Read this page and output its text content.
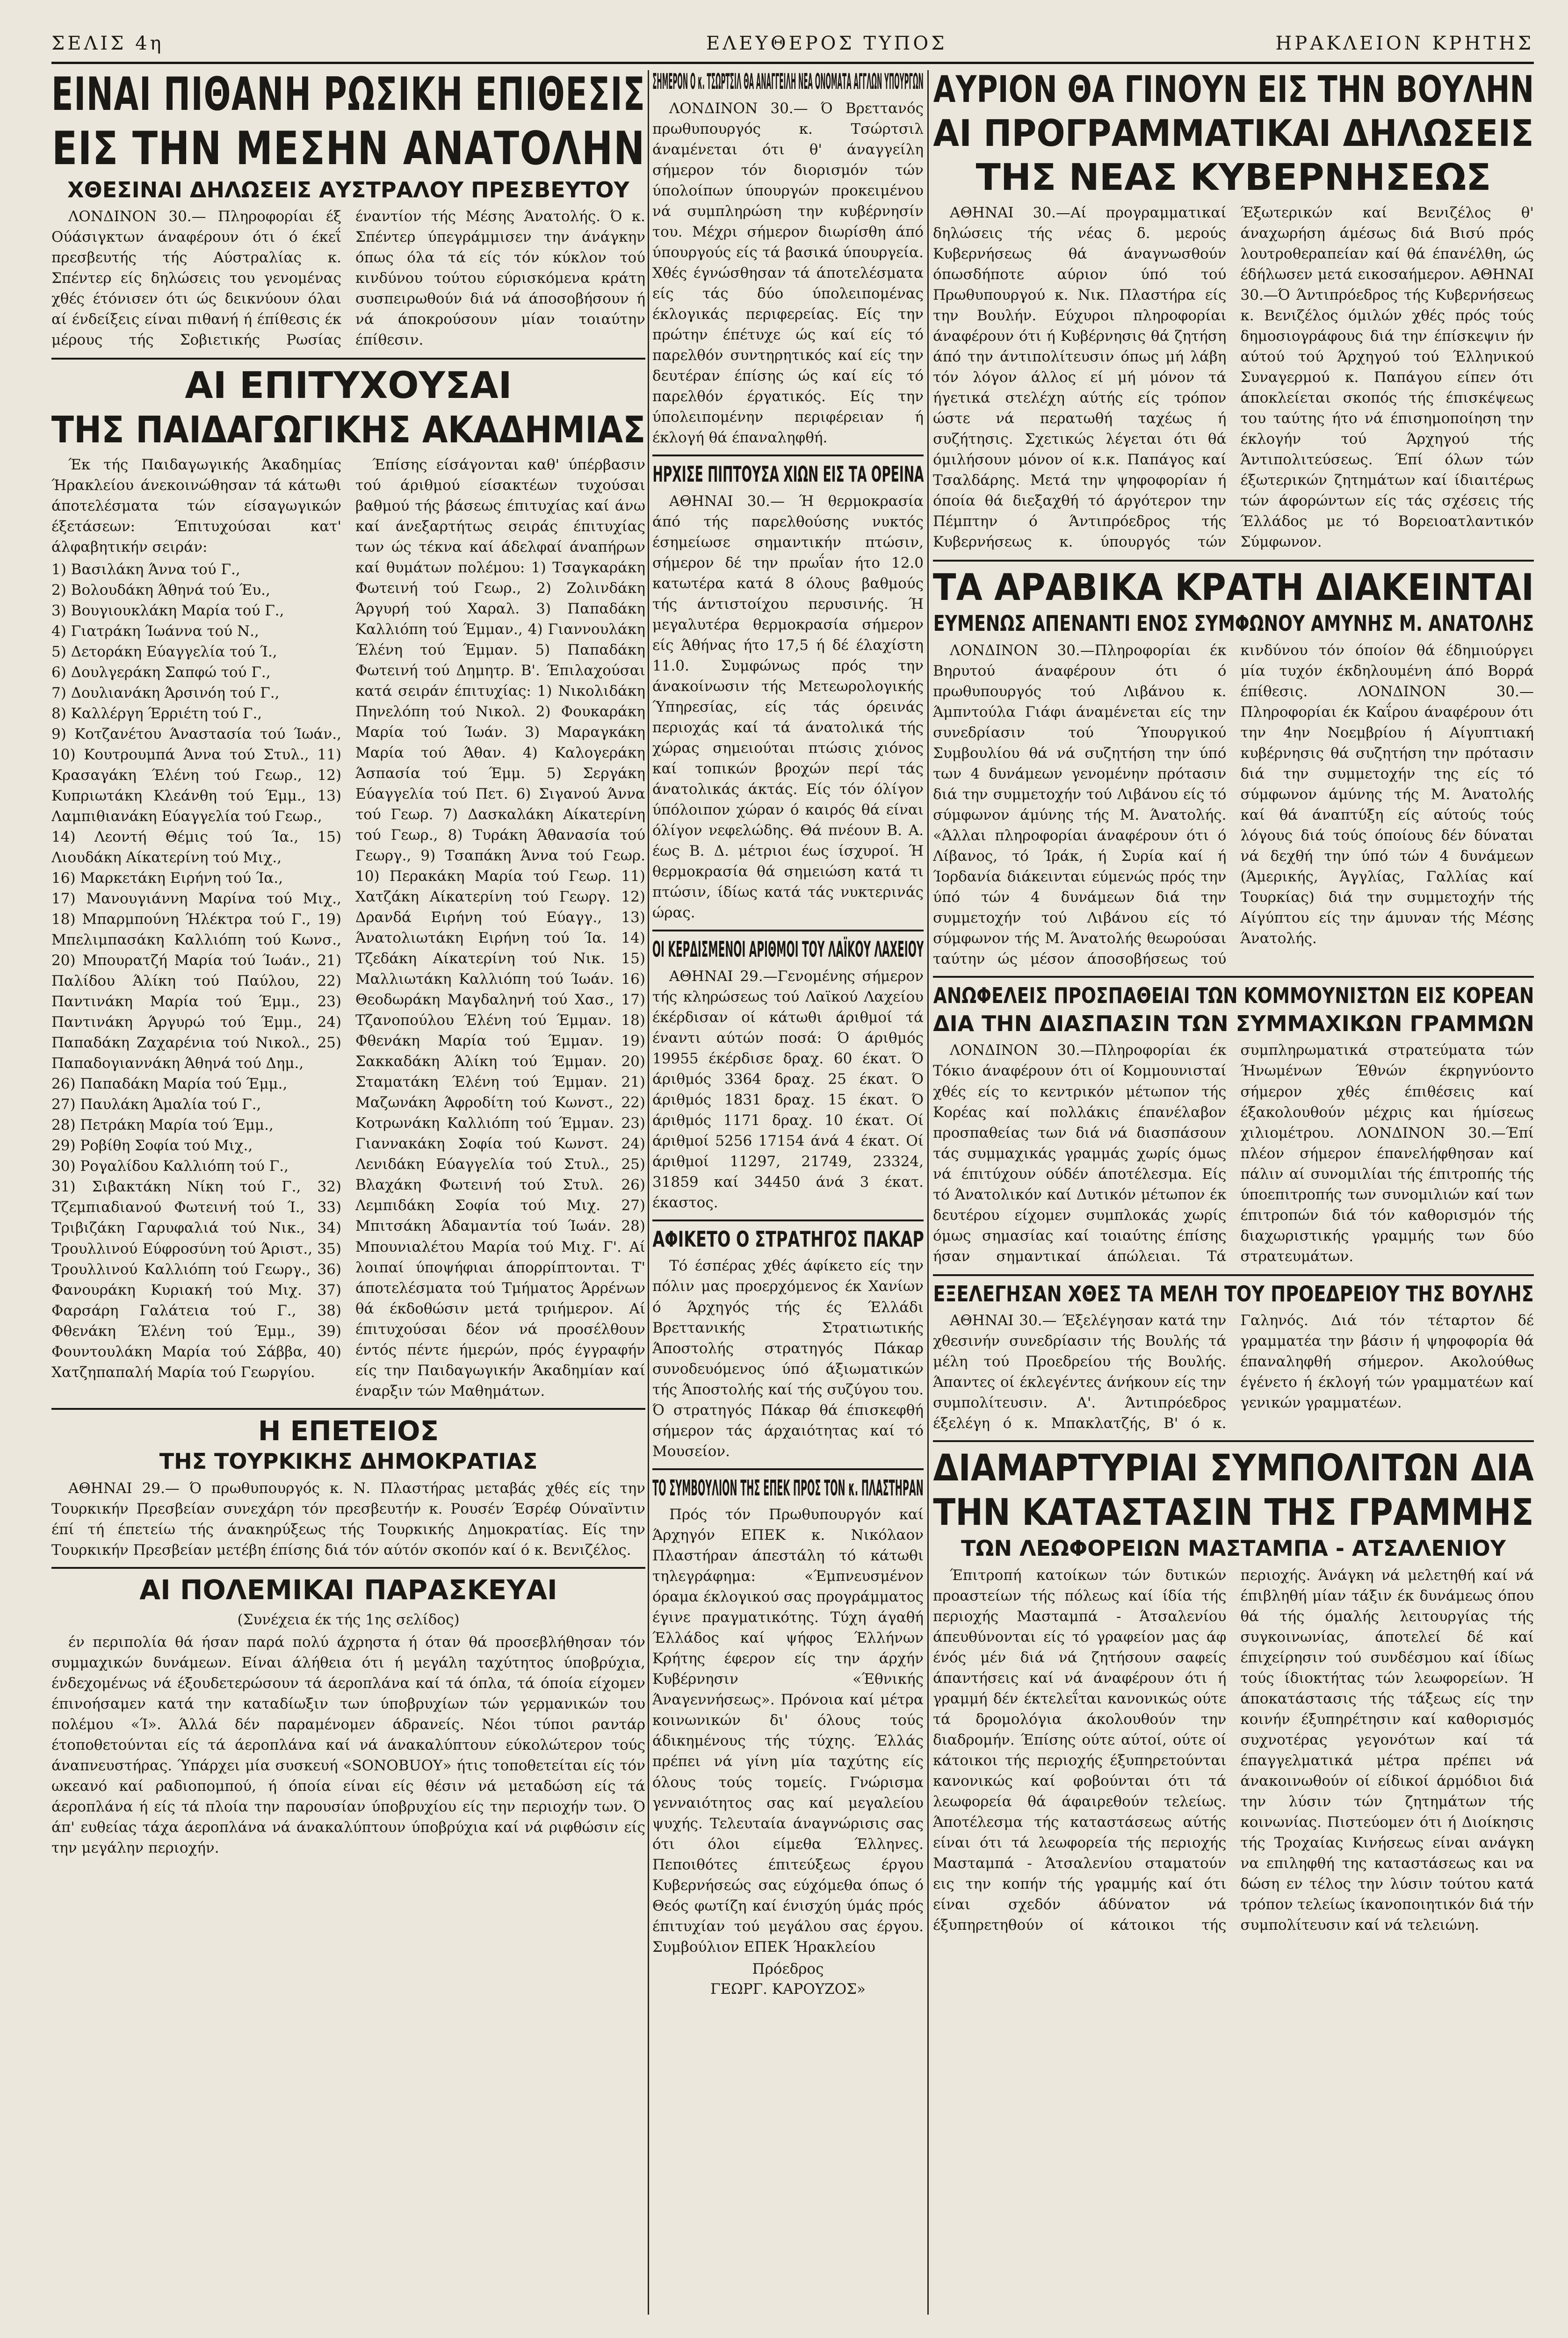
ΣΕΛΙΣ 4η	ΕΛΕΥΘΕΡΟΣ ΤΥΠΟΣ	ΗΡΑΚΛΕΙΟΝ ΚΡΗΤΗΣ
ΕΙΝΑΙ ΠΙΘΑΝΗ ΡΩΣΙΚΗ ΕΠΙΘΕΣΙΣ
ΕΙΣ ΤΗΝ ΜΕΣΗΝ ΑΝΑΤΟΛΗΝ
ΧΘΕΣΙΝΑΙ ΔΗΛΩΣΕΙΣ ΑΥΣΤΡΑΛΟΥ ΠΡΕΣΒΕΥΤΟΥ

ΛΟΝΔΙΝΟΝ 30.— Πληροφορίαι έξ Ούάσιγκτων άναφέρουν ότι ό έκεΐ πρεσβευτής τής Αύστραλίας κ. Σπέντερ είς δηλώσεις του γενομένας χθές έτόνισεν ότι ώς δεικνύουν όλαι αί ένδείξεις είναι πιθανή ή έπίθεσις έκ μέρους τής Σοβιετικής Ρωσίας έναντίον τής Μέσης Άνατολής. Ό κ. Σπέντερ ύπεγράμμισεν την άνάγκην όπως όλα τά είς τόν κύκλον τού κινδύνου τούτου εύρισκόμενα κράτη συσπειρωθούν διά νά άποσοβήσουν ή νά άποκρούσουν μίαν τοιαύτην έπίθεσιν.

ΑΙ ΕΠΙΤΥΧΟΥΣΑΙ
ΤΗΣ ΠΑΙΔΑΓΩΓΙΚΗΣ ΑΚΑΔΗΜΙΑΣ

Έκ τής Παιδαγωγικής Άκαδημίας Ήρακλείου άνεκοινώθησαν τά κάτωθι άποτελέσματα τών είσαγωγικών έξετάσεων: Έπιτυχούσαι κατ' άλφαβητικήν σειράν:

1) Βασιλάκη Άννα τού Γ.,
2) Βολουδάκη Άθηνά τού Έυ.,
3) Βουγιουκλάκη Μαρία τού Γ.,
4) Γιατράκη Ίωάννα τού Ν.,
5) Δετοράκη Εύαγγελία τού Ί.,
6) Δουλγεράκη Σαπφώ τού Γ.,
7) Δουλιανάκη Άρσινόη τού Γ.,
8) Καλλέργη Έρριέτη τού Γ.,
9) Κοτζανέτου Άναστασία τού Ίωάν., 10) Κουτρουμπά Άννα τού Στυλ., 11) Κρασαγάκη Έλένη τού Γεωρ., 12) Κυπριωτάκη Κλεάνθη τού Έμμ., 13) Λαμπιθιανάκη Εύαγγελία τού Γεωρ.,
14) Λεοντή Θέμις τού Ία., 15) Λιουδάκη Αίκατερίνη τού Μιχ.,
16) Μαρκετάκη Ειρήνη τού Ία.,
17) Μανουγιάννη Μαρίνα τού Μιχ., 18) Μπαρμπούνη Ήλέκτρα τού Γ., 19) Μπελιμπασάκη Καλλιόπη τού Κωνσ., 20) Μπουρατζή Μαρία τού Ίωάν., 21) Παλίδου Άλίκη τού Παύλου, 22) Παντινάκη Μαρία τού Έμμ., 23) Παντινάκη Άργυρώ τού Έμμ., 24) Παπαδάκη Ζαχαρένια τού Νικολ., 25) Παπαδογιαννάκη Άθηνά τού Δημ.,
26) Παπαδάκη Μαρία τού Έμμ.,
27) Παυλάκη Άμαλία τού Γ.,
28) Πετράκη Μαρία τού Έμμ.,
29) Ροβίθη Σοφία τού Μιχ.,
30) Ρογαλίδου Καλλιόπη τού Γ.,
31) Σιβακτάκη Νίκη τού Γ., 32) Τζεμπιαδιανού Φωτεινή τού Ί., 33) Τριβιζάκη Γαρυφαλιά τού Νικ., 34) Τρουλλινού Εύφροσύνη τού Άριστ., 35) Τρουλλινού Καλλιόπη τού Γεωργ., 36) Φανουράκη Κυριακή τού Μιχ. 37) Φαρσάρη Γαλάτεια τού Γ., 38) Φθενάκη Έλένη τού Έμμ., 39) Φουντουλάκη Μαρία τού Σάββα, 40) Χατζηπαπαλή Μαρία τού Γεωργίου.

Έπίσης είσάγονται καθ' ύπέρβασιν τού άριθμού είσακτέων τυχούσαι βαθμού τής βάσεως έπιτυχίας καί άνω καί άνεξαρτήτως σειράς έπιτυχίας των ώς τέκνα καί άδελφαί άναπήρων καί θυμάτων πολέμου: 1) Τσαγκαράκη Φωτεινή τού Γεωρ., 2) Ζολινδάκη Άργυρή τού Χαραλ. 3) Παπαδάκη Καλλιόπη τού Έμμαν., 4) Γιαννουλάκη Έλένη τού Έμμαν. 5) Παπαδάκη Φωτεινή τού Δημητρ. Β'. Έπιλαχούσαι κατά σειράν έπιτυχίας: 1) Νικολιδάκη Πηνελόπη τού Νικολ. 2) Φουκαράκη Μαρία τού Ίωάν. 3) Μαραγκάκη Μαρία τού Άθαν. 4) Καλογεράκη Άσπασία τού Έμμ. 5) Σεργάκη Εύαγγελία τού Πετ. 6) Σιγανού Άννα τού Γεωρ. 7) Δασκαλάκη Αίκατερίνη τού Γεωρ., 8) Τυράκη Άθανασία τού Γεωργ., 9) Τσαπάκη Άννα τού Γεωρ. 10) Περακάκη Μαρία τού Γεωρ. 11) Χατζάκη Αίκατερίνη τού Γεωργ. 12) Δρανδά Ειρήνη τού Εύαγγ., 13) Άνατολιωτάκη Ειρήνη τού Ία. 14) Τζεδάκη Αίκατερίνη τού Νικ. 15) Μαλλιωτάκη Καλλιόπη τού Ίωάν. 16) Θεοδωράκη Μαγδαληνή τού Χασ., 17) Τζανοπούλου Έλένη τού Έμμαν. 18) Φθενάκη Μαρία τού Έμμαν. 19) Σακκαδάκη Άλίκη τού Έμμαν. 20) Σταματάκη Έλένη τού Έμμαν. 21) Μαζωνάκη Άφροδίτη τού Κωνστ., 22) Κοτρωνάκη Καλλιόπη τού Έμμαν. 23) Γιαννακάκη Σοφία τού Κωνστ. 24) Λενιδάκη Εύαγγελία τού Στυλ., 25) Βλαχάκη Φωτεινή τού Στυλ. 26) Λεμπιδάκη Σοφία τού Μιχ. 27) Μπιτσάκη Άδαμαντία τού Ίωάν. 28) Μπουνιαλέτου Μαρία τού Μιχ. Γ'. Αί λοιπαί ύποψήφιαι άπορρίπτονται. Τ' άποτελέσματα τού Τμήματος Άρρένων θά έκδοθώσιν μετά τριήμερον. Αί έπιτυχούσαι δέον νά προσέλθουν έντός πέντε ήμερών, πρός έγγραφήν είς την Παιδαγωγικήν Άκαδημίαν καί έναρξιν τών Μαθημάτων.

Η ΕΠΕΤΕΙΟΣ
ΤΗΣ ΤΟΥΡΚΙΚΗΣ ΔΗΜΟΚΡΑΤΙΑΣ

ΑΘΗΝΑΙ 29.— Ό πρωθυπουργός κ. Ν. Πλαστήρας μεταβάς χθές είς την Τουρκικήν Πρεσβείαν συνεχάρη τόν πρεσβευτήν κ. Ρουσέν Έσρέφ Ούναϊντιν έπί τή έπετείω τής άνακηρύξεως τής Τουρκικής Δημοκρατίας. Είς την Τουρκικήν Πρεσβείαν μετέβη έπίσης διά τόν αύτόν σκοπόν καί ό κ. Βενιζέλος.

ΑΙ ΠΟΛΕΜΙΚΑΙ ΠΑΡΑΣΚΕΥΑΙ

(Συνέχεια έκ τής 1ης σελίδος)

έν περιπολία θά ήσαν παρά πολύ άχρηστα ή όταν θά προσεβλήθησαν τόν συμμαχικών δυνάμεων. Είναι άλήθεια ότι ή μεγάλη ταχύτητος ύποβρύχια, ένδεχομένως νά έξουδετερώσουν τά άεροπλάνα καί τά όπλα, τά όποία είχομεν έπινοήσαμεν κατά την καταδίωξιν των ύποβρυχίων τών γερμανικών του πολέμου «Ί». Άλλά δέν παραμένομεν άδρανείς. Νέοι τύποι ραντάρ έτοποθετούνται είς τά άεροπλάνα καί νά άνακαλύπτουν εύκολώτερον τούς άναπνευστήρας. Ύπάρχει μία συσκευή «SONOBUOY» ήτις τοποθετείται είς τόν ωκεανό καί ραδιοπομπού, ή όποία είναι είς θέσιν νά μεταδώση είς τά άεροπλάνα ή είς τά πλοία την παρουσίαν ύποβρυχίου είς την περιοχήν των. Ό άπ' ευθείας τάχα άεροπλάνα νά άνακαλύπτουν ύποβρύχια καί νά ριφθώσιν είς την μεγάλην περιοχήν.

ΣΗΜΕΡΟΝ Ο κ. ΤΣΩΡΤΣΙΛ ΘΑ ΑΝΑΓΓΕΙΛΗ ΝΕΑ ΟΝΟΜΑΤΑ ΑΓΓΛΩΝ ΥΠΟΥΡΓΩΝ

ΛΟΝΔΙΝΟΝ 30.— Ό Βρεττανός πρωθυπουργός κ. Τσώρτσιλ άναμένεται ότι θ' άναγγείλη σήμερον τόν διορισμόν τών ύπολοίπων ύπουργών προκειμένου νά συμπληρώση την κυβέρνησίν του. Μέχρι σήμερον διωρίσθη άπό ύπουργούς είς τά βασικά ύπουργεία. Χθές έγνώσθησαν τά άποτελέσματα είς τάς δύο ύπολειπομένας έκλογικάς περιφερείας. Είς την πρώτην έπέτυχε ώς καί είς τό παρελθόν συντηρητικός καί είς την δευτέραν έπίσης ώς καί είς τό παρελθόν έργατικός. Είς την ύπολειπομένην περιφέρειαν ή έκλογή θά έπαναληφθή.

ΗΡΧΙΣΕ ΠΙΠΤΟΥΣΑ ΧΙΩΝ ΕΙΣ ΤΑ ΟΡΕΙΝΑ

ΑΘΗΝΑΙ 30.— Ή θερμοκρασία άπό τής παρελθούσης νυκτός έσημείωσε σημαντικήν πτώσιν, σήμερον δέ την πρωΐαν ήτο 12.0 κατωτέρα κατά 8 όλους βαθμούς τής άντιστοίχου περυσινής. Ή μεγαλυτέρα θερμοκρασία σήμερον είς Άθήνας ήτο 17,5 ή δέ έλαχίστη 11.0. Συμφώνως πρός την άνακοίνωσιν τής Μετεωρολογικής Ύπηρεσίας, είς τάς όρεινάς περιοχάς καί τά άνατολικά τής χώρας σημειούται πτώσις χιόνος καί τοπικών βροχών περί τάς άνατολικάς άκτάς. Είς τόν όλίγον ύπόλοιπον χώραν ό καιρός θά είναι όλίγον νεφελώδης. Θά πνέουν Β. Α. έως Β. Δ. μέτριοι έως ίσχυροί. Ή θερμοκρασία θά σημειώση κατά τι πτώσιν, ίδίως κατά τάς νυκτερινάς ώρας.

ΟΙ ΚΕΡΔΙΣΜΕΝΟΙ ΑΡΙΘΜΟΙ ΤΟΥ ΛΑΪΚΟΥ ΛΑΧΕΙΟΥ

ΑΘΗΝΑΙ 29.—Γενομένης σήμερον τής κληρώσεως τού Λαϊκού Λαχείου έκέρδισαν οί κάτωθι άριθμοί τά έναντι αύτών ποσά: Ό άριθμός 19955 έκέρδισε δραχ. 60 έκατ. Ό άριθμός 3364 δραχ. 25 έκατ. Ό άριθμός 1831 δραχ. 15 έκατ. Ό άριθμός 1171 δραχ. 10 έκατ. Οί άριθμοί 5256 17154 άνά 4 έκατ. Οί άριθμοί 11297, 21749, 23324, 31859 καί 34450 άνά 3 έκατ. έκαστος.

ΑΦΙΚΕΤΟ Ο ΣΤΡΑΤΗΓΟΣ ΠΑΚΑΡ

Τό έσπέρας χθές άφίκετο είς την πόλιν μας προερχόμενος έκ Χανίων ό Άρχηγός τής ές Έλλάδι Βρεττανικής Στρατιωτικής Άποστολής στρατηγός Πάκαρ συνοδευόμενος ύπό άξιωματικών τής Άποστολής καί τής συζύγου του. Ό στρατηγός Πάκαρ θά έπισκεφθή σήμερον τάς άρχαιότητας καί τό Μουσείον.

ΤΟ ΣΥΜΒΟΥΛΙΟΝ ΤΗΣ ΕΠΕΚ ΠΡΟΣ ΤΟΝ κ. ΠΛΑΣΤΗΡΑΝ

Πρός τόν Πρωθυπουργόν καί Άρχηγόν ΕΠΕΚ κ. Νικόλαον Πλαστήραν άπεστάλη τό κάτωθι τηλεγράφημα: «Έμπνευσμένον όραμα έκλογικού σας προγράμματος έγινε πραγματικότης. Τύχη άγαθή Έλλάδος καί ψήφος Έλλήνων Κρήτης έφερον είς την άρχήν Κυβέρνησιν «Έθνικής Άναγεννήσεως». Πρόνοια καί μέτρα κοινωνικών δι' όλους τούς άδικημένους τής τύχης. Έλλάς πρέπει νά γίνη μία ταχύτης είς όλους τούς τομείς. Γνώρισμα γενναιότητος σας καί μεγαλείου ψυχής. Τελευταία άναγνώρισις σας ότι όλοι είμεθα Έλληνες. Πεποιθότες έπιτεύξεως έργου Κυβερνήσεώς σας εύχόμεθα όπως ό Θεός φωτίζη καί ένισχύη ύμάς πρός έπιτυχίαν τού μεγάλου σας έργου. Συμβούλιον ΕΠΕΚ Ήρακλείου

Πρόεδρος
ΓΕΩΡΓ. ΚΑΡΟΥΖΟΣ»
ΑΥΡΙΟΝ ΘΑ ΓΙΝΟΥΝ ΕΙΣ ΤΗΝ ΒΟΥΛΗΝ
ΑΙ ΠΡΟΓΡΑΜΜΑΤΙΚΑΙ ΔΗΛΩΣΕΙΣ
ΤΗΣ ΝΕΑΣ ΚΥΒΕΡΝΗΣΕΩΣ

ΑΘΗΝΑΙ 30.—Αί προγραμματικαί δηλώσεις τής νέας δ. μερούς Κυβερνήσεως θά άναγνωσθούν όπωσδήποτε αύριον ύπό τού Πρωθυπουργού κ. Νικ. Πλαστήρα είς την Βουλήν. Εύχυροι πληροφορίαι άναφέρουν ότι ή Κυβέρνησις θά ζητήση άπό την άντιπολίτευσιν όπως μή λάβη τόν λόγον άλλος εί μή μόνον τά ήγετικά στελέχη αύτής είς τρόπον ώστε νά περατωθή ταχέως ή συζήτησις. Σχετικώς λέγεται ότι θά όμιλήσουν μόνον οί κ.κ. Παπάγος καί Τσαλδάρης. Μετά την ψηφοφορίαν ή όποία θά διεξαχθή τό άργότερον την Πέμπτην ό Άντιπρόεδρος τής Κυβερνήσεως κ. ύπουργός τών Έξωτερικών καί Βενιζέλος θ' άναχωρήση άμέσως διά Βισύ πρός λουτροθεραπείαν καί θά έπανέλθη, ώς έδήλωσεν μετά εικοσαήμερον. ΑΘΗΝΑΙ 30.—Ό Άντιπρόεδρος τής Κυβερνήσεως κ. Βενιζέλος όμιλών χθές πρός τούς δημοσιογράφους διά την έπίσκεψιν ήν αύτού τού Άρχηγού τού Έλληνικού Συναγερμού κ. Παπάγου είπεν ότι άποκλείεται σκοπός τής έπισκέψεως του ταύτης ήτο νά έπισημοποίηση την έκλογήν τού Άρχηγού τής Άντιπολιτεύσεως. Έπί όλων τών έξωτερικών ζητημάτων καί ίδιαιτέρως τών άφορώντων είς τάς σχέσεις τής Έλλάδος με τό Βορειοατλαντικόν Σύμφωνον.

ΤΑ ΑΡΑΒΙΚΑ ΚΡΑΤΗ ΔΙΑΚΕΙΝΤΑΙ
ΕΥΜΕΝΩΣ ΑΠΕΝΑΝΤΙ ΕΝΟΣ ΣΥΜΦΩΝΟΥ ΑΜΥΝΗΣ Μ. ΑΝΑΤΟΛΗΣ

ΛΟΝΔΙΝΟΝ 30.—Πληροφορίαι έκ Βηρυτού άναφέρουν ότι ό πρωθυπουργός τού Λιβάνου κ. Άμπντούλα Γιάφι άναμένεται είς την συνεδρίασιν τού Ύπουργικού Συμβουλίου θά νά συζητήση την ύπό των 4 δυνάμεων γενομένην πρότασιν διά την συμμετοχήν τού Λιβάνου είς τό σύμφωνον άμύνης τής Μ. Άνατολής. «Άλλαι πληροφορίαι άναφέρουν ότι ό Λίβανος, τό Ίράκ, ή Συρία καί ή Ίορδανία διάκεινται εύμενώς πρός την ύπό τών 4 δυνάμεων διά την συμμετοχήν τού Λιβάνου είς τό σύμφωνον τής Μ. Άνατολής θεωρούσαι ταύτην ώς μέσον άποσοβήσεως τού κινδύνου τόν όποίον θά έδημιούργει μία τυχόν έκδηλουμένη άπό Βορρά έπίθεσις. ΛΟΝΔΙΝΟΝ 30.—Πληροφορίαι έκ Καΐρου άναφέρουν ότι την 4ην Νοεμβρίου ή Αίγυπτιακή κυβέρνησις θά συζητήση την πρότασιν διά την συμμετοχήν της είς τό σύμφωνον άμύνης τής Μ. Άνατολής καί θά άναπτύξη είς αύτούς τούς λόγους διά τούς όποίους δέν δύναται νά δεχθή την ύπό τών 4 δυνάμεων (Άμερικής, Άγγλίας, Γαλλίας καί Τουρκίας) διά την συμμετοχήν τής Αίγύπτου είς την άμυναν τής Μέσης Άνατολής.

ΑΝΩΦΕΛΕΙΣ ΠΡΟΣΠΑΘΕΙΑΙ ΤΩΝ ΚΟΜΜΟΥΝΙΣΤΩΝ ΕΙΣ ΚΟΡΕΑΝ
ΔΙΑ ΤΗΝ ΔΙΑΣΠΑΣΙΝ ΤΩΝ ΣΥΜΜΑΧΙΚΩΝ ΓΡΑΜΜΩΝ

ΛΟΝΔΙΝΟΝ 30.—Πληροφορίαι έκ Τόκιο άναφέρουν ότι οί Κομμουνισταί χθές είς το κεντρικόν μέτωπον τής Κορέας καί πολλάκις έπανέλαβον προσπαθείας των διά νά διασπάσουν τάς συμμαχικάς γραμμάς χωρίς όμως νά έπιτύχουν ούδέν άποτέλεσμα. Είς τό Άνατολικόν καί Δυτικόν μέτωπον έκ δευτέρου είχομεν συμπλοκάς χωρίς όμως σημασίας καί τοιαύτης έπίσης ήσαν σημαντικαί άπώλειαι. Τά συμπληρωματικά στρατεύματα τών Ήνωμένων Έθνών έκρηγνύοντο σήμερον χθές έπιθέσεις καί έξακολουθούν μέχρις και ήμίσεως χιλιομέτρου. ΛΟΝΔΙΝΟΝ 30.—Έπί πλέον σήμερον έπανελήφθησαν καί πάλιν αί συνομιλίαι τής έπιτροπής τής ύποεπιτροπής των συνομιλιών καί των έπιτροπών διά τόν καθορισμόν τής διαχωριστικής γραμμής των δύο στρατευμάτων.

ΕΞΕΛΕΓΗΣΑΝ ΧΘΕΣ ΤΑ ΜΕΛΗ ΤΟΥ ΠΡΟΕΔΡΕΙΟΥ ΤΗΣ ΒΟΥΛΗΣ

ΑΘΗΝΑΙ 30.— Έξελέγησαν κατά την χθεσινήν συνεδρίασιν τής Βουλής τά μέλη τού Προεδρείου τής Βουλής. Άπαντες οί έκλεγέντες άνήκουν είς την συμπολίτευσιν. Α'. Άντιπρόεδρος έξελέγη ό κ. Μπακλατζής, Β' ό κ. Γαληνός. Διά τόν τέταρτον δέ γραμματέα την βάσιν ή ψηφοφορία θά έπαναληφθή σήμερον. Ακολούθως έγένετο ή έκλογή τών γραμματέων καί γενικών γραμματέων.

ΔΙΑΜΑΡΤΥΡΙΑΙ ΣΥΜΠΟΛΙΤΩΝ ΔΙΑ
ΤΗΝ ΚΑΤΑΣΤΑΣΙΝ ΤΗΣ ΓΡΑΜΜΗΣ
ΤΩΝ ΛΕΩΦΟΡΕΙΩΝ ΜΑΣΤΑΜΠΑ - ΑΤΣΑΛΕΝΙΟΥ

Έπιτροπή κατοίκων τών δυτικών προαστείων τής πόλεως καί ίδία τής περιοχής Μασταμπά - Άτσαλενίου άπευθύνονται είς τό γραφείον μας άφ ένός μέν διά νά ζητήσουν σαφείς άπαντήσεις καί νά άναφέρουν ότι ή γραμμή δέν έκτελεΐται κανονικώς ούτε τά δρομολόγια άκολουθούν την διαδρομήν. Έπίσης ούτε αύτοί, ούτε οί κάτοικοι τής περιοχής έξυπηρετούνται κανονικώς καί φοβούνται ότι τά λεωφορεία θά άφαιρεθούν τελείως. Άποτέλεσμα τής καταστάσεως αύτής είναι ότι τά λεωφορεία τής περιοχής Μασταμπά - Άτσαλενίου σταματούν εις την κοπήν τής γραμμής καί ότι είναι σχεδόν άδύνατον νά έξυπηρετηθούν οί κάτοικοι τής περιοχής. Άνάγκη νά μελετηθή καί νά έπιβληθή μίαν τάξιν έκ δυνάμεως όπου θά τής όμαλής λειτουργίας τής συγκοινωνίας, άποτελεί δέ καί έπιχείρησιν τού συνδέσμου καί ίδίως τούς ίδιοκτήτας τών λεωφορείων. Ή άποκατάστασις τής τάξεως είς την κοινήν έξυπηρέτησιν καί καθορισμός συχνοτέρας γεγονότων καί τά έπαγγελματικά μέτρα πρέπει νά άνακοινωθούν οί είδικοί άρμόδιοι διά την λύσιν τών ζητημάτων τής κοινωνίας. Πιστεύομεν ότι ή Διοίκησις τής Τροχαίας Κινήσεως είναι ανάγκη να επιληφθή της καταστάσεως και να δώση εν τέλος την λύσιν τούτου κατά τρόπον τελείως ίκανοποιητικόν διά τήν συμπολίτευσιν καί νά τελειώνη.
